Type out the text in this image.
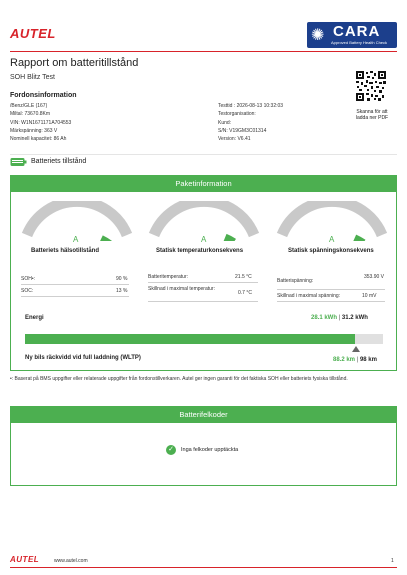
AUTEL	✺ CARA
Approved Battery Health Check
Rapport om batteritillstånd
SOH Blitz Test
Fordonsinformation
/Benz/GLE (167)
Miltal: 73670.8Km
VIN: W1N1671171A704553
Märkspänning: 363 V
Nominell kapacitet: 86 Ah
Testtid : 2026-08-13 10:32:03
Testorganisation:
Kund:
S/N: V19GM3C01314
Version: V6.41
Skanna för att ladda ner PDF
Batteriets tillstånd
Paketinformation
A	A	A
Batteriets hälsotillstånd	Statisk temperaturkonsekvens	Statisk spänningskonsekvens
SOH•:	90 %
SOC:	13 %
Batteritemperatur:	21.5 °C
Skillnad i maximal temperatur:
0.7 °C
Batterispänning:
353.90 V
Skillnad i maximal spänning:	10 mV
Energi	28.1 kWh | 31.2 kWh
Ny bils räckvidd vid full laddning (WLTP)	88.2 km | 98 km
•: Baserat på BMS uppgifter eller relaterade uppgifter från fordonstillverkaren. Autel ger ingen garanti för det faktiska SOH eller batteriets fysiska tillstånd.
Batterifelkoder
✓	Inga felkoder upptäckta
AUTEL	www.autel.com	1
